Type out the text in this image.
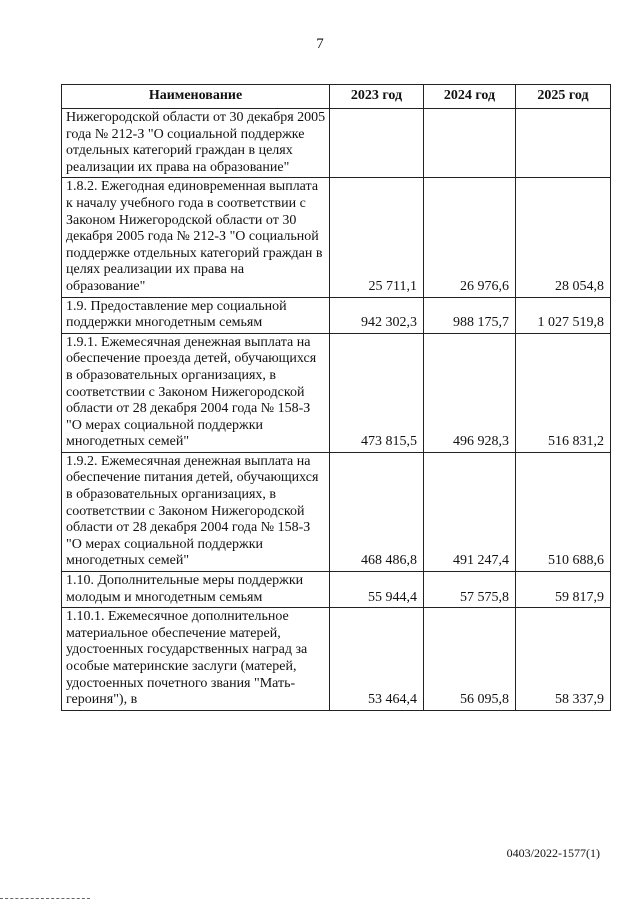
7
Наименование	2023 год	2024 год	2025 год
Нижегородской области от 30 декабря 2005 года № 212-З "О социальной поддержке отдельных категорий граждан в целях реализации их права на образование"			
1.8.2. Ежегодная единовременная выплата к началу учебного года в соответствии с Законом Нижегородской области от 30 декабря 2005 года № 212-З "О социальной поддержке отдельных категорий граждан в целях реализации их права на образование"	25 711,1	26 976,6	28 054,8
1.9. Предоставление мер социальной поддержки многодетным семьям	942 302,3	988 175,7	1 027 519,8
1.9.1. Ежемесячная денежная выплата на обеспечение проезда детей, обучающихся в образовательных организациях, в соответствии с Законом Нижегородской области от 28 декабря 2004 года № 158-З "О мерах социальной поддержки многодетных семей"	473 815,5	496 928,3	516 831,2
1.9.2. Ежемесячная денежная выплата на обеспечение питания детей, обучающихся в образовательных организациях, в соответствии с Законом Нижегородской области от 28 декабря 2004 года № 158-З "О мерах социальной поддержки многодетных семей"	468 486,8	491 247,4	510 688,6
1.10. Дополнительные меры поддержки молодым и многодетным семьям	55 944,4	57 575,8	59 817,9
1.10.1. Ежемесячное дополнительное материальное обеспечение матерей, удостоенных государственных наград за особые материнские заслуги (матерей, удостоенных почетного звания "Мать-героиня"), в	53 464,4	56 095,8	58 337,9
0403/2022-1577(1)
